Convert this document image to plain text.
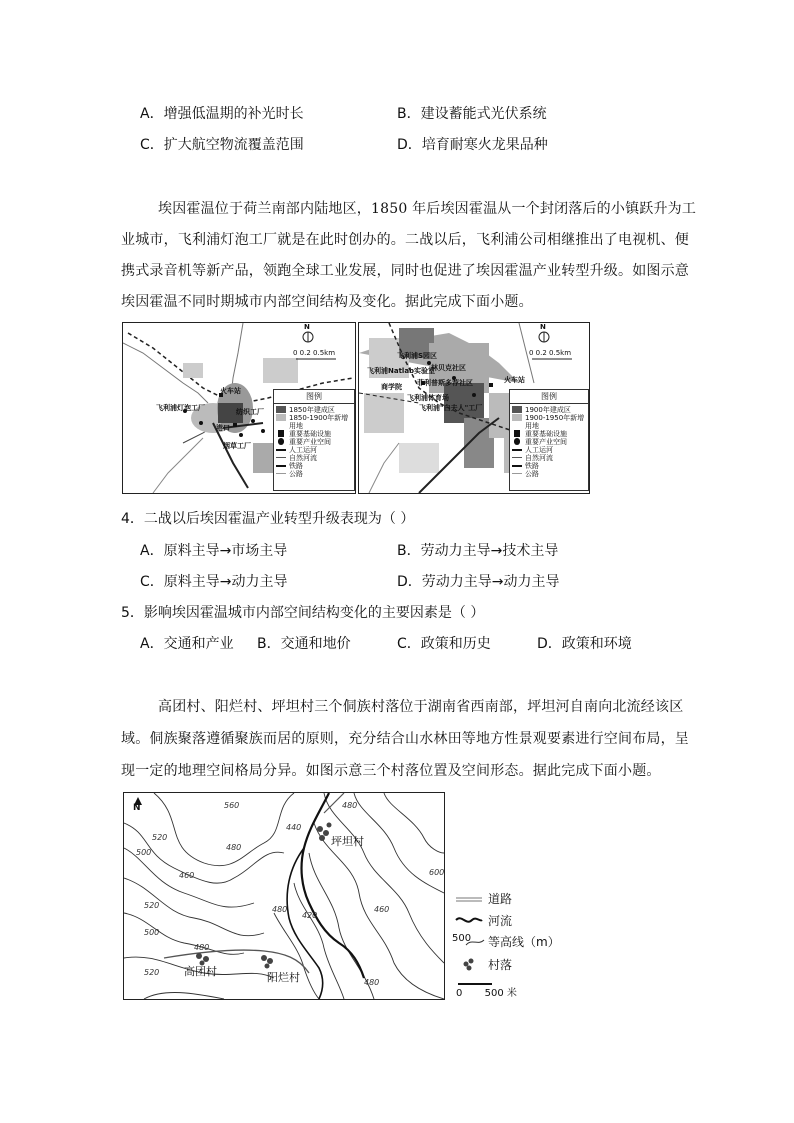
A．增强低温期的补光时长	B．建设蓄能式光伏系统
C．扩大航空物流覆盖范围	D．培育耐寒火龙果品种
埃因霍温位于荷兰南部内陆地区，1850 年后埃因霍温从一个封闭落后的小镇跃升为工
业城市，飞利浦灯泡工厂就是在此时创办的。二战以后，飞利浦公司相继推出了电视机、便
携式录音机等新产品，领跑全球工业发展，同时也促进了埃因霍温产业转型升级。如图示意
埃因霍温不同时期城市内部空间结构及变化。据此完成下面小题。
N
0 0.2 0.5km
火车站
飞利浦灯泡工厂	纺织工厂
港口
烟草工厂
图例
1850年建成区
1850-1900年新增用地
重要基础设施
重要产业空间
人工运河
自然河流
铁路
公路
N
0 0.2 0.5km
飞利浦S园区
飞利浦Natlab实验室
林贝克社区
火车站
菲利普斯多荐社区
商学院
飞利浦体育场
飞利浦"白夫人"工厂
图例
1900年建成区
1900-1950年新增用地
重要基础设施
重要产业空间
人工运河
自然河流
铁路
公路
4．二战以后埃因霍温产业转型升级表现为（ ）
A．原料主导→市场主导	B．劳动力主导→技术主导
C．原料主导→动力主导	D．劳动力主导→动力主导
5．影响埃因霍温城市内部空间结构变化的主要因素是（ ）
A．交通和产业 B．交通和地价	C．政策和历史	D．政策和环境
高团村、阳烂村、坪坦村三个侗族村落位于湖南省西南部，坪坦河自南向北流经该区
域。侗族聚落遵循聚族而居的原则，充分结合山水林田等地方性景观要素进行空间布局，呈
现一定的地理空间格局分异。如图示意三个村落位置及空间形态。据此完成下面小题。
N
坪坦村
高团村	阳烂村
560
520
500
480
440
460
480
600
520	480	460
420
500
480
520
480
道路
河流
500 等高线（m）
村落
0       500 米
